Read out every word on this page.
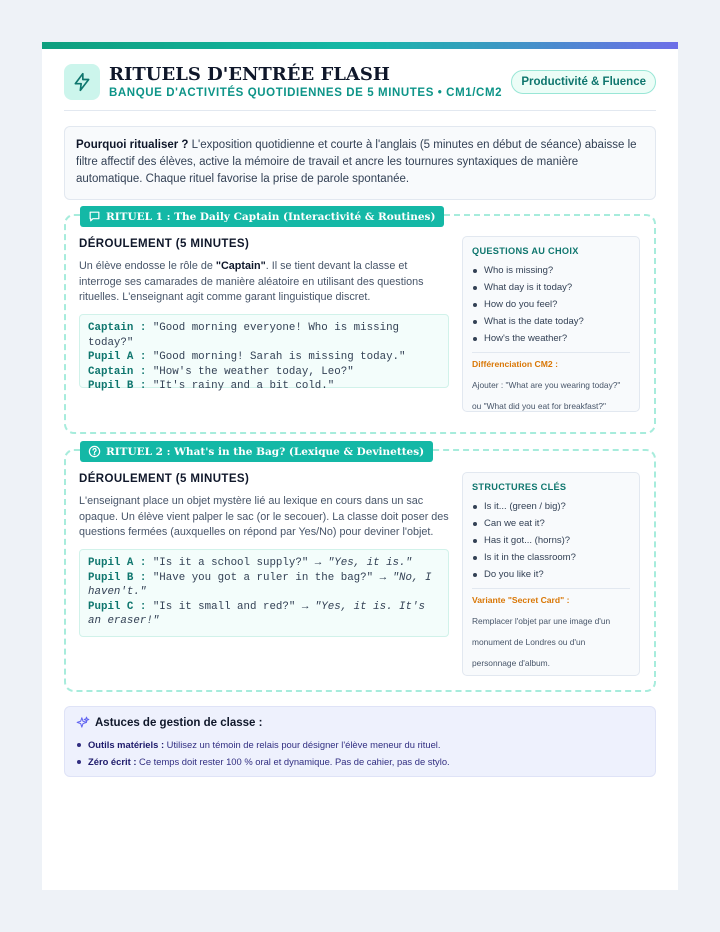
RITUELS D'ENTRÉE FLASH
BANQUE D'ACTIVITÉS QUOTIDIENNES DE 5 MINUTES • CM1/CM2
Productivité & Fluence
Pourquoi ritualiser ? L'exposition quotidienne et courte à l'anglais (5 minutes en début de séance) abaisse le filtre affectif des élèves, active la mémoire de travail et ancre les tournures syntaxiques de manière automatique. Chaque rituel favorise la prise de parole spontanée.
RITUEL 1 : The Daily Captain (Interactivité & Routines)
DÉROULEMENT (5 MINUTES)
Un élève endosse le rôle de "Captain". Il se tient devant la classe et interroge ses camarades de manière aléatoire en utilisant des questions rituelles. L'enseignant agit comme garant linguistique discret.
Captain : "Good morning everyone! Who is missing today?"
Pupil A : "Good morning! Sarah is missing today."
Captain : "How's the weather today, Leo?"
Pupil B : "It's rainy and a bit cold."
QUESTIONS AU CHOIX
Who is missing?
What day is it today?
How do you feel?
What is the date today?
How's the weather?
Différenciation CM2 :
Ajouter : "What are you wearing today?" ou "What did you eat for breakfast?"
RITUEL 2 : What's in the Bag? (Lexique & Devinettes)
DÉROULEMENT (5 MINUTES)
L'enseignant place un objet mystère lié au lexique en cours dans un sac opaque. Un élève vient palper le sac (or le secouer). La classe doit poser des questions fermées (auxquelles on répond par Yes/No) pour deviner l'objet.
Pupil A : "Is it a school supply?" → "Yes, it is."
Pupil B : "Have you got a ruler in the bag?" → "No, I haven't."
Pupil C : "Is it small and red?" → "Yes, it is. It's an eraser!"
STRUCTURES CLÉS
Is it... (green / big)?
Can we eat it?
Has it got... (horns)?
Is it in the classroom?
Do you like it?
Variante "Secret Card" :
Remplacer l'objet par une image d'un monument de Londres ou d'un personnage d'album.
Astuces de gestion de classe :
Outils matériels : Utilisez un témoin de relais pour désigner l'élève meneur du rituel.
Zéro écrit : Ce temps doit rester 100 % oral et dynamique. Pas de cahier, pas de stylo.
